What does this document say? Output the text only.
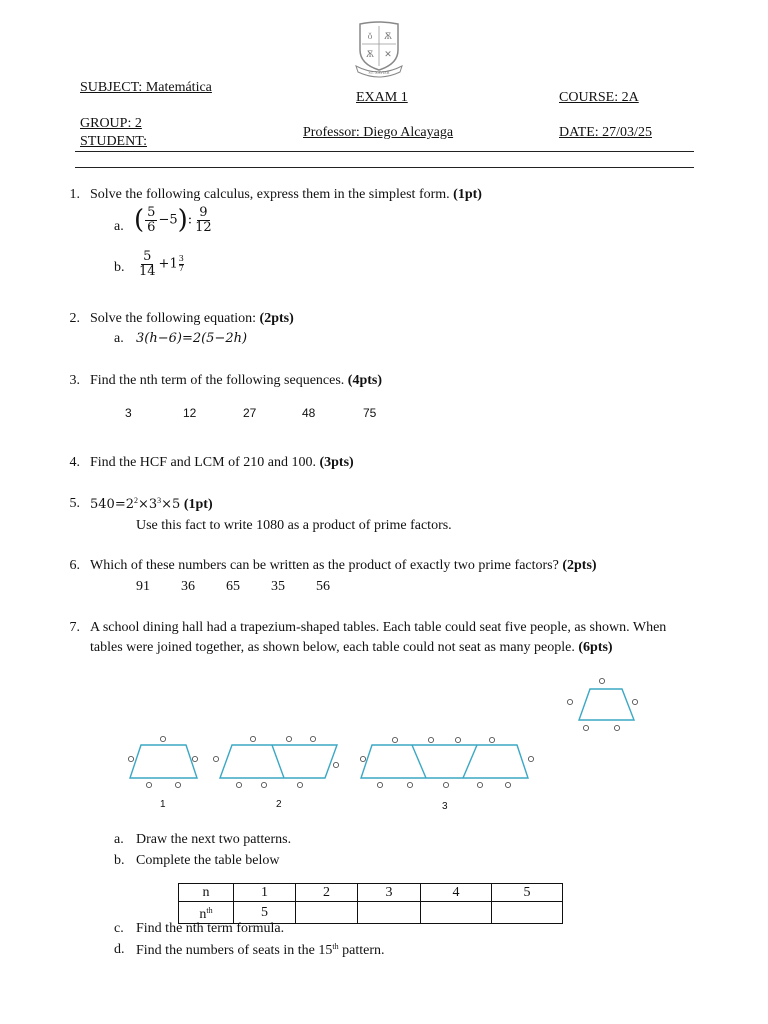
ŏ Ѫ
Ѫ ✕
ST. XAVIER
SUBJECT: Matemática
EXAM 1	COURSE: 2A
GROUP: 2
STUDENT:
Professor: Diego Alcayaga	DATE: 27/03/25
1. Solve the following calculus, express them in the simplest form. (1pt)
a. ( $\frac{5}{6} -5$): $\frac{9}{12}$
b. $\frac{5}{14} +1 \frac{3}{7}$
2. Solve the following equation: (2pts)
a. 3(h−6)=2(5−2h)
3. Find the nth term of the following sequences. (4pts)
3	12	27	48	75
4. Find the HCF and LCM of 210 and 100. (3pts)
5. $540=2^2\times 3^3\times 5$ (1pt)
Use this fact to write 1080 as a product of prime factors.
6. Which of these numbers can be written as the product of exactly two prime factors? (2pts)
91 36 65 35 56
7. A school dining hall had a trapezium-shaped tables. Each table could seat five people, as shown. When
tables were joined together, as shown below, each table could not seat as many people. (6pts)
1	2	3
a. Draw the next two patterns.
b. Complete the table below
n	1	2	3	4	5
$n^{th}$	5				
c. Find the nth term formula.
d. Find the numbers of seats in the 15th pattern.
